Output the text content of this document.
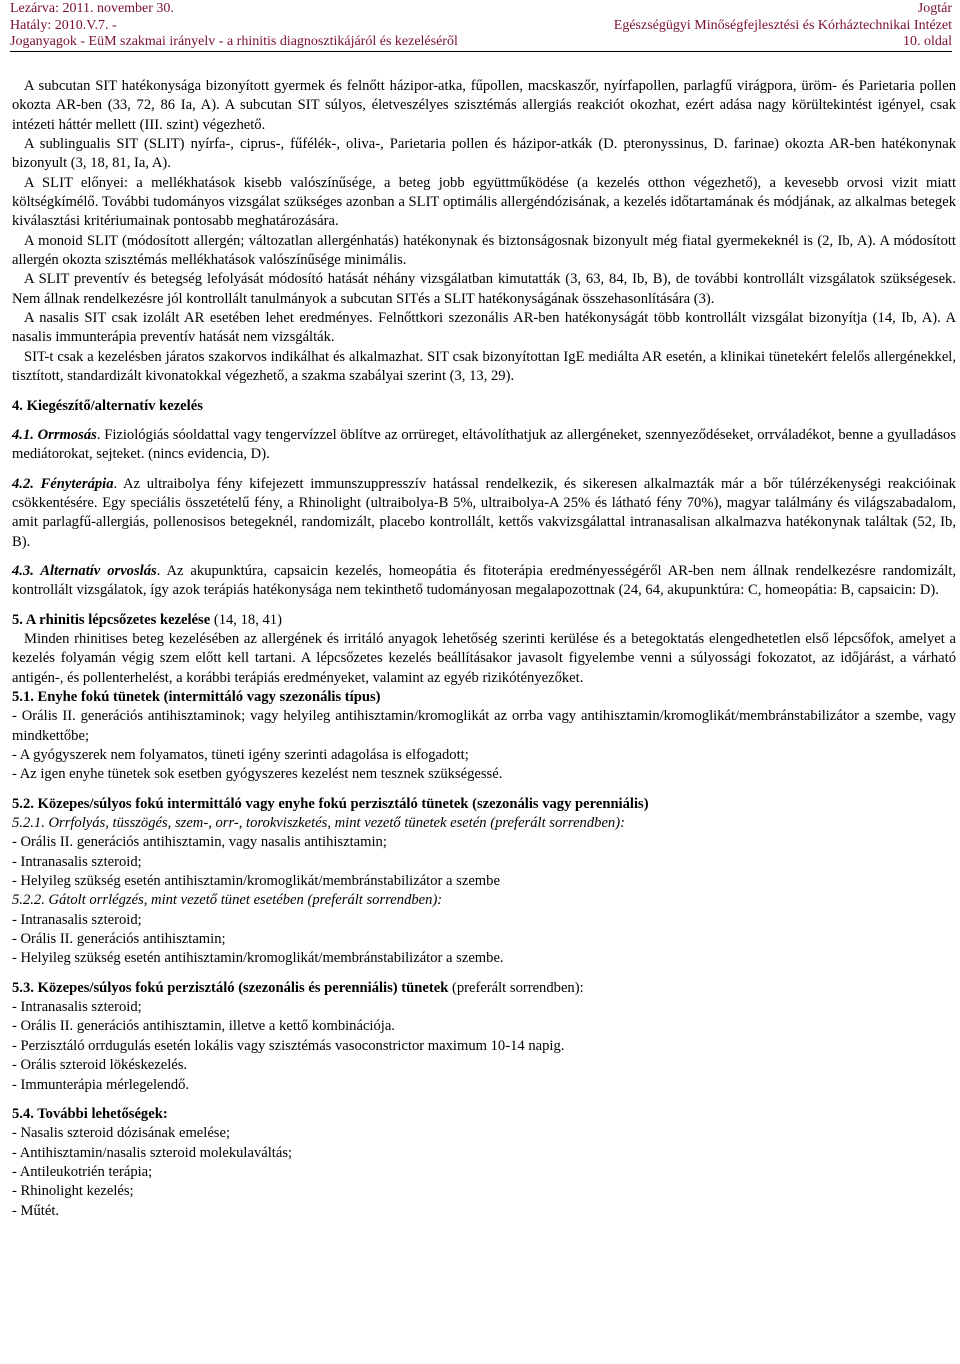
Lezárva: 2011. november 30.
Hatály: 2010.V.7. -
Joganyagok - EüM szakmai irányelv - a rhinitis diagnosztikájáról és kezeléséről
Jogtár
Egészségügyi Minőségfejlesztési és Kórháztechnikai Intézet
10. oldal

A subcutan SIT hatékonysága bizonyított gyermek és felnőtt házipor-atka, fűpollen, macskaszőr, nyírfapollen, parlagfű virágpora, üröm- és Parietaria pollen okozta AR-ben (33, 72, 86 Ia, A). A subcutan SIT súlyos, életveszélyes szisztémás allergiás reakciót okozhat, ezért adása nagy körültekintést igényel, csak intézeti háttér mellett (III. szint) végezhető.

A sublingualis SIT (SLIT) nyírfa-, ciprus-, fűfélék-, oliva-, Parietaria pollen és házipor-atkák (D. pteronyssinus, D. farinae) okozta AR-ben hatékonynak bizonyult (3, 18, 81, Ia, A).

A SLIT előnyei: a mellékhatások kisebb valószínűsége, a beteg jobb együttműködése (a kezelés otthon végezhető), a kevesebb orvosi vizit miatt költségkímélő. További tudományos vizsgálat szükséges azonban a SLIT optimális allergéndózisának, a kezelés időtartamának és módjának, az alkalmas betegek kiválasztási kritériumainak pontosabb meghatározására.

A monoid SLIT (módosított allergén; változatlan allergénhatás) hatékonynak és biztonságosnak bizonyult még fiatal gyermekeknél is (2, Ib, A). A módosított allergén okozta szisztémás mellékhatások valószínűsége minimális.

A SLIT preventív és betegség lefolyását módosító hatását néhány vizsgálatban kimutatták (3, 63, 84, Ib, B), de további kontrollált vizsgálatok szükségesek. Nem állnak rendelkezésre jól kontrollált tanulmányok a subcutan SITés a SLIT hatékonyságának összehasonlítására (3).

A nasalis SIT csak izolált AR esetében lehet eredményes. Felnőttkori szezonális AR-ben hatékonyságát több kontrollált vizsgálat bizonyítja (14, Ib, A). A nasalis immunterápia preventív hatását nem vizsgálták.

SIT-t csak a kezelésben járatos szakorvos indikálhat és alkalmazhat. SIT csak bizonyítottan IgE mediálta AR esetén, a klinikai tünetekért felelős allergénekkel, tisztított, standardizált kivonatokkal végezhető, a szakma szabályai szerint (3, 13, 29).

4. Kiegészítő/alternatív kezelés

4.1. Orrmosás. Fiziológiás sóoldattal vagy tengervízzel öblítve az orrüreget, eltávolíthatjuk az allergéneket, szennyeződéseket, orrváladékot, benne a gyulladásos mediátorokat, sejteket. (nincs evidencia, D).

4.2. Fényterápia. Az ultraibolya fény kifejezett immunszuppresszív hatással rendelkezik, és sikeresen alkalmazták már a bőr túlérzékenységi reakcióinak csökkentésére. Egy speciális összetételű fény, a Rhinolight (ultraibolya-B 5%, ultraibolya-A 25% és látható fény 70%), magyar találmány és világszabadalom, amit parlagfű-allergiás, pollenosisos betegeknél, randomizált, placebo kontrollált, kettős vakvizsgálattal intranasalisan alkalmazva hatékonynak találtak (52, Ib, B).

4.3. Alternatív orvoslás. Az akupunktúra, capsaicin kezelés, homeopátia és fitoterápia eredményességéről AR-ben nem állnak rendelkezésre randomizált, kontrollált vizsgálatok, így azok terápiás hatékonysága nem tekinthető tudományosan megalapozottnak (24, 64, akupunktúra: C, homeopátia: B, capsaicin: D).

5. A rhinitis lépcsőzetes kezelése (14, 18, 41)

Minden rhinitises beteg kezelésében az allergének és irritáló anyagok lehetőség szerinti kerülése és a betegoktatás elengedhetetlen első lépcsőfok, amelyet a kezelés folyamán végig szem előtt kell tartani. A lépcsőzetes kezelés beállításakor javasolt figyelembe venni a súlyossági fokozatot, az időjárást, a várható antigén-, és pollenterhelést, a korábbi terápiás eredményeket, valamint az egyéb rizikótényezőket.

5.1. Enyhe fokú tünetek (intermittáló vagy szezonális típus)

- Orális II. generációs antihisztaminok; vagy helyileg antihisztamin/kromoglikát az orrba vagy antihisztamin/kromoglikát/membránstabilizátor a szembe, vagy mindkettőbe;

- A gyógyszerek nem folyamatos, tüneti igény szerinti adagolása is elfogadott;

- Az igen enyhe tünetek sok esetben gyógyszeres kezelést nem tesznek szükségessé.

5.2. Közepes/súlyos fokú intermittáló vagy enyhe fokú perzisztáló tünetek (szezonális vagy perenniális)

5.2.1. Orrfolyás, tüsszögés, szem-, orr-, torokviszketés, mint vezető tünetek esetén (preferált sorrendben):

- Orális II. generációs antihisztamin, vagy nasalis antihisztamin;

- Intranasalis szteroid;

- Helyileg szükség esetén antihisztamin/kromoglikát/membránstabilizátor a szembe

5.2.2. Gátolt orrlégzés, mint vezető tünet esetében (preferált sorrendben):

- Intranasalis szteroid;

- Orális II. generációs antihisztamin;

- Helyileg szükség esetén antihisztamin/kromoglikát/membránstabilizátor a szembe.

5.3. Közepes/súlyos fokú perzisztáló (szezonális és perenniális) tünetek (preferált sorrendben):

- Intranasalis szteroid;

- Orális II. generációs antihisztamin, illetve a kettő kombinációja.

- Perzisztáló orrdugulás esetén lokális vagy szisztémás vasoconstrictor maximum 10-14 napig.

- Orális szteroid lökéskezelés.

- Immunterápia mérlegelendő.

5.4. További lehetőségek:

- Nasalis szteroid dózisának emelése;

- Antihisztamin/nasalis szteroid molekulaváltás;

- Antileukotrién terápia;

- Rhinolight kezelés;

- Műtét.
